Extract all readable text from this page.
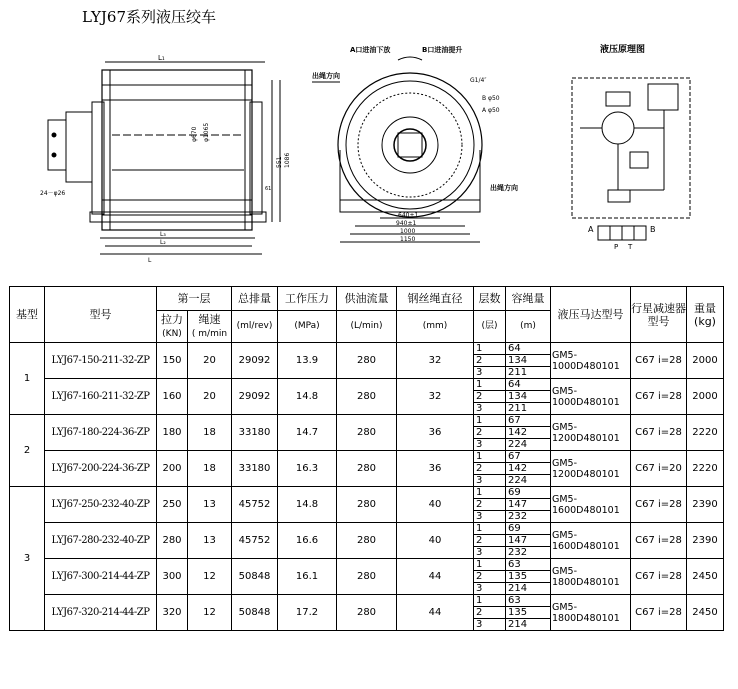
LYJ67系列液压绞车
L₁
L₃
L₂
L
551 1086
φ670 φ1065
61
24－φ26
A口进油下放	B口进油提升
出绳方向
出绳方向
G1/4″
B φ50
A φ50
640±1
940±1
1000
1150
液压原理图
A	B
P T
基型	型号	第一层		总排量	工作压力	供油流量	钢丝绳直径	层数	容绳量	液压马达型号	行星减速器型号	重量
(kg)
		拉力
(KN)	绳速
( m/min	(ml/rev)	(MPa)	(L/min)	(mm)	(层)	(m)			
1	LYJ67-150-211-32-ZP	150	20	29092	13.9	280	32	1	64	GM5-1000D480101	C67 i=28	2000
								2	134			
								3	211			
	LYJ67-160-211-32-ZP	160	20	29092	14.8	280	32	1	64	GM5-1000D480101	C67 i=28	2000
								2	134			
								3	211			
2	LYJ67-180-224-36-ZP	180	18	33180	14.7	280	36	1	67	GM5-1200D480101	C67 i=28	2220
								2	142			
								3	224			
	LYJ67-200-224-36-ZP	200	18	33180	16.3	280	36	1	67	GM5-1200D480101	C67 i=20	2220
								2	142			
								3	224			
3	LYJ67-250-232-40-ZP	250	13	45752	14.8	280	40	1	69	GM5-1600D480101	C67 i=28	2390
								2	147			
								3	232			
	LYJ67-280-232-40-ZP	280	13	45752	16.6	280	40	1	69	GM5-1600D480101	C67 i=28	2390
								2	147			
								3	232			
	LYJ67-300-214-44-ZP	300	12	50848	16.1	280	44	1	63	GM5-1800D480101	C67 i=28	2450
								2	135			
								3	214			
	LYJ67-320-214-44-ZP	320	12	50848	17.2	280	44	1	63	GM5-1800D480101	C67 i=28	2450
								2	135			
								3	214			
